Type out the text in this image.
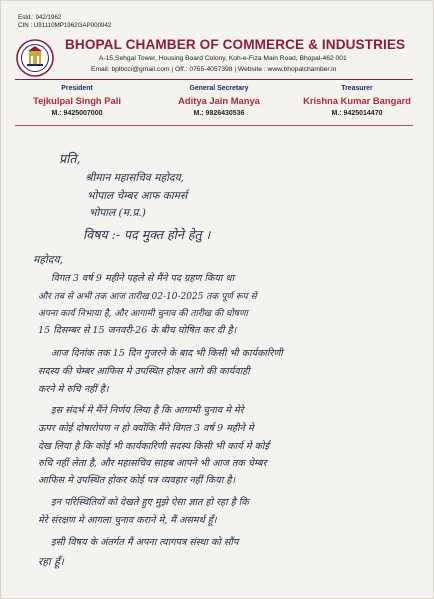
Estd.: 942/1962
CIN : U91110MP1962GAP000942
BHOPAL CHAMBER OF COMMERCE & INDUSTRIES
A-15,Sehgal Tower, Housing Board Colony, Koh-e-Fiza Main Road, Bhopal-462 001
Email: bplbcci@gmail.com | Off.: 0755-4057398 | Website : www.bhopalchamber.in
President
Tejkulpal Singh Pali
M.: 9425007000
General Secretary
Aditya Jain Manya
M.: 9826430536
Treasurer
Krishna Kumar Bangard
M.: 9425014470
प्रति,
श्रीमान महासचिव महोदय,
भोपाल चेम्बर आफ कामर्स
भोपाल (म.प्र.)
विषय :- पद मुक्त होने हेतु ।
महोदय,
विगत 3 वर्ष 9 महीने पहले से मैंने पद ग्रहण किया था
और तब से अभी तक आज तारीख 02-10-2025 तक पूर्ण रूप से
अपना कार्य निभाया है, और आगामी चुनाव की तारीख की घोषणा
15 दिसम्बर से 15 जनवरी-26 के बीच घोषित कर दी है।
आज दिनांक तक 15 दिन गुजरने के बाद भी किसी भी कार्यकारिणी
सदस्य की चेम्बर आफिस मे उपस्थित होकर आगे की कार्यवाही
करने मे रुचि नहीं है।
इस संदर्भ मे मैंने निर्णय लिया है कि आगामी चुनाव मे मेरे
ऊपर कोई दोषारोपण न हो क्योंकि मैंने विगत 3 वर्ष 9 महीने मे
देख लिया है कि कोई भी कार्यकारिणी सदस्य किसी भी कार्य मे कोई
रुचि नहीं लेता है, और महासचिव साहब आपने भी आज तक चेम्बर
आफिस मे उपस्थित होकर कोई पत्र व्यवहार नहीं किया है।
इन परिस्थितियों को देखते हुए मुझे ऐसा ज्ञात हो रहा है कि
मेरे संरक्षण मे आगला चुनाव कराने मे, मैं असमर्थ हूँ।
इसी विषय के अंतर्गत मैं अपना त्यागपत्र संस्था को सौंप
रहा हूँ।
